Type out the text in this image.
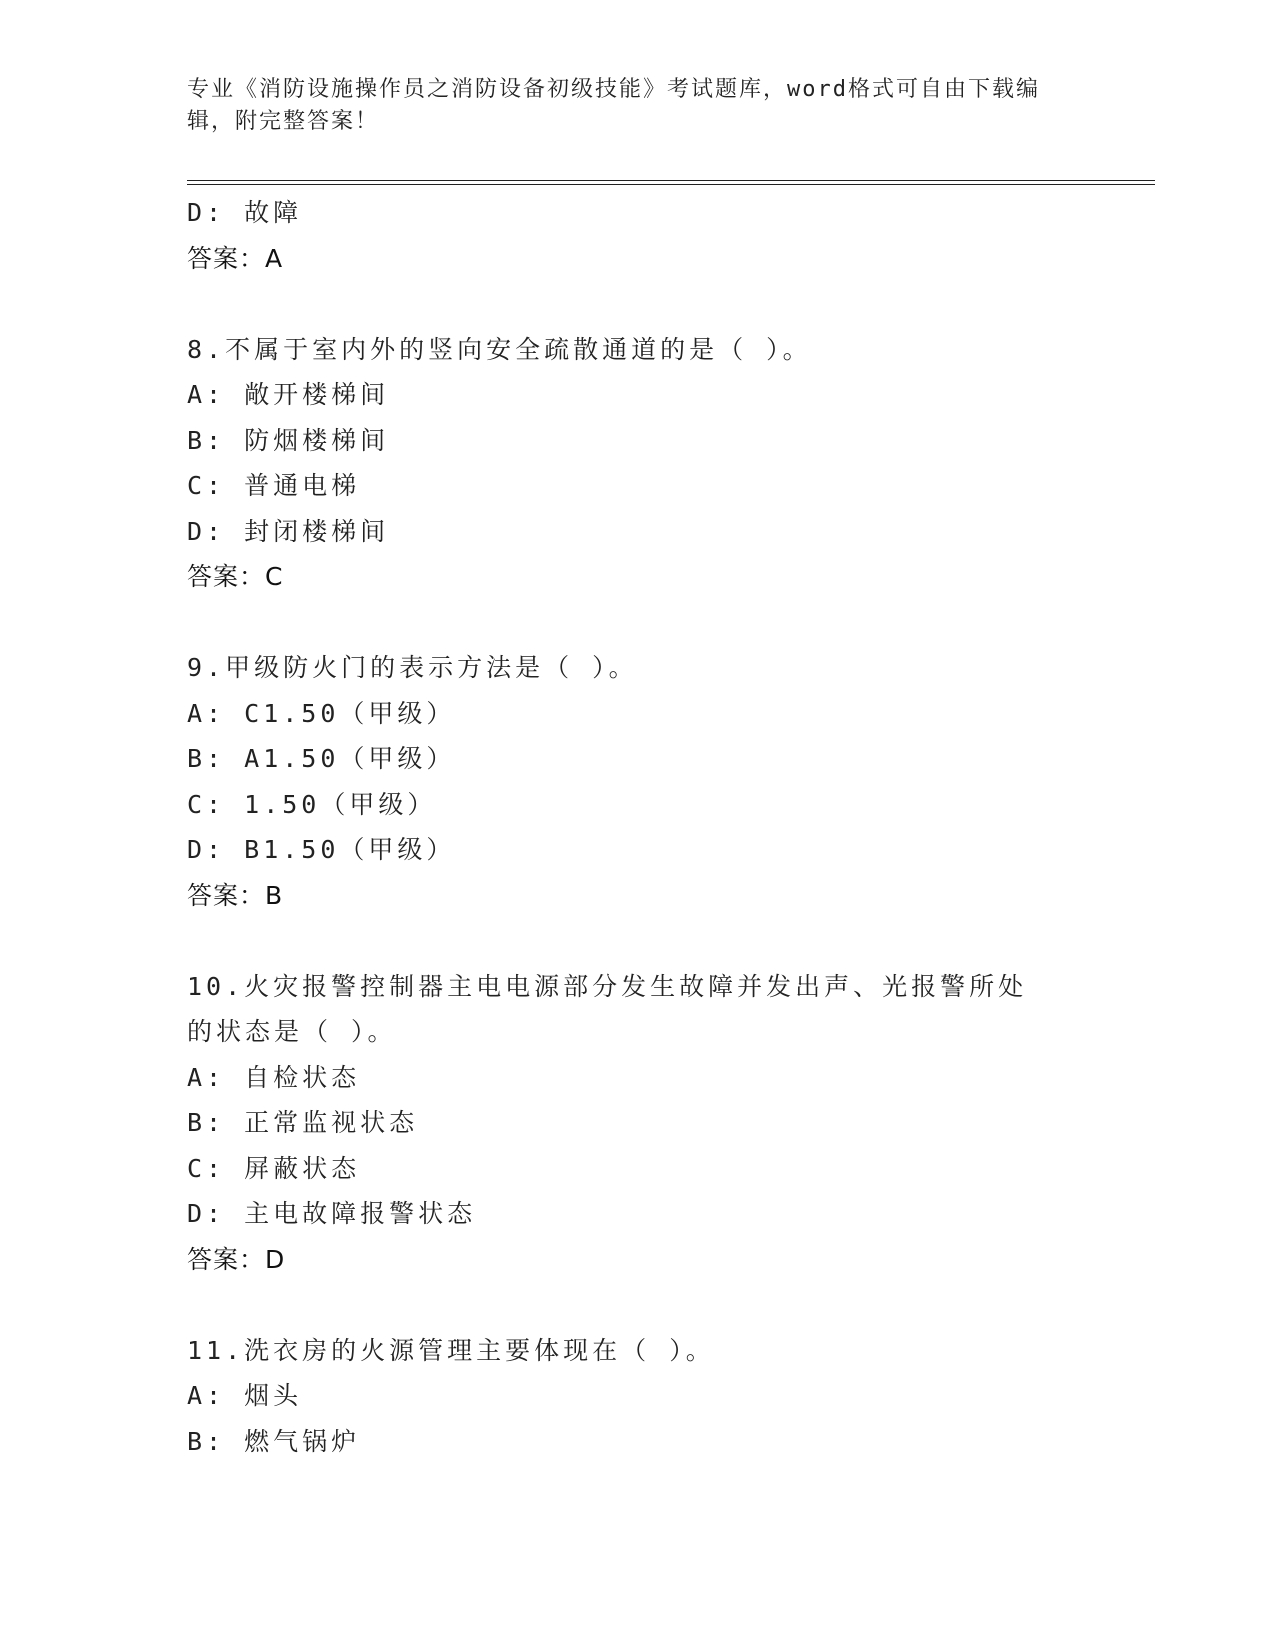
专业《消防设施操作员之消防设备初级技能》考试题库，word格式可自由下载编辑，附完整答案！
D: 故障
答案：A
8.不属于室内外的竖向安全疏散通道的是（ ）。
A: 敞开楼梯间
B: 防烟楼梯间
C: 普通电梯
D: 封闭楼梯间
答案：C
9.甲级防火门的表示方法是（ ）。
A: C1.50（甲级）
B: A1.50（甲级）
C: 1.50（甲级）
D: B1.50（甲级）
答案：B
10.火灾报警控制器主电电源部分发生故障并发出声、光报警所处的状态是（ ）。
A: 自检状态
B: 正常监视状态
C: 屏蔽状态
D: 主电故障报警状态
答案：D
11.洗衣房的火源管理主要体现在（ ）。
A: 烟头
B: 燃气锅炉
